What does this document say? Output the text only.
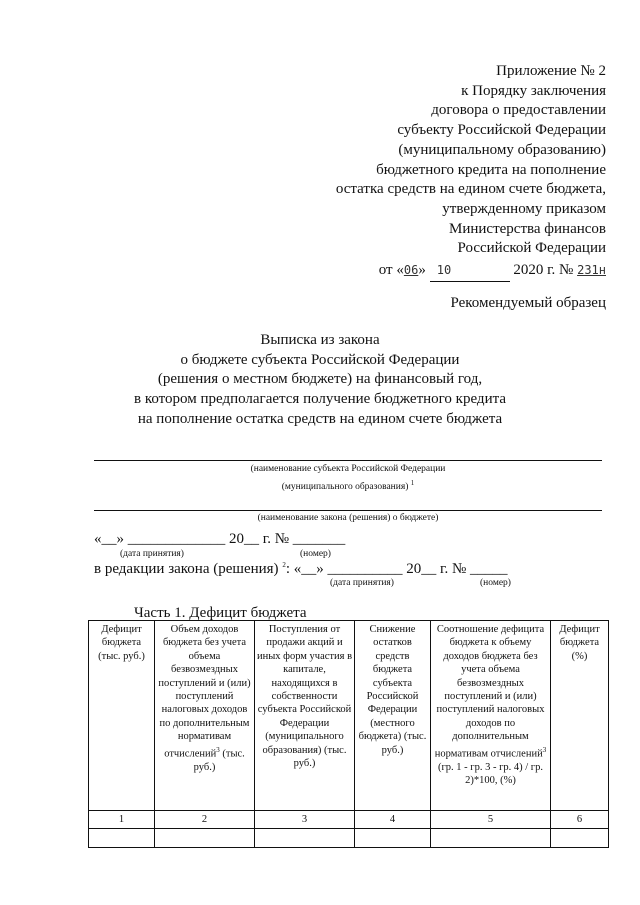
Приложение № 2
к Порядку заключения
договора о предоставлении
субъекту Российской Федерации
(муниципальному образованию)
бюджетного кредита на пополнение
остатка средств на едином счете бюджета,
утвержденному приказом
Министерства финансов
Российской Федерации
от «06» 10	2020 г. № 231н
Рекомендуемый образец
Выписка из закона
о бюджете субъекта Российской Федерации
(решения о местном бюджете) на финансовый год,
в котором предполагается получение бюджетного кредита
на пополнение остатка средств на едином счете бюджета
(наименование субъекта Российской Федерации
(муниципального образования) $^1$
(наименование закона (решения) о бюджете)
«__» _____________ 20__ г. № _______
(дата принятия)	(номер)
в редакции закона (решения) $^2$: «__» __________ 20__ г. № _____
(дата принятия)	(номер)
Часть 1. Дефицит бюджета
Дефицит бюджета (тыс. руб.)	Объем доходов бюджета без учета объема безвозмездных поступлений и (или) поступлений налоговых доходов по дополнительным нормативам отчислений$^3$ (тыс. руб.)	Поступления от продажи акций и иных форм участия в капитале, находящихся в собственности субъекта Российской Федерации (муниципального образования) (тыс. руб.)	Снижение остатков средств бюджета субъекта Российской Федерации (местного бюджета) (тыс. руб.)	Соотношение дефицита бюджета к объему доходов бюджета без учета объема безвозмездных поступлений и (или) поступлений налоговых доходов по дополнительным нормативам отчислений$^3$ (гр. 1 - гр. 3 - гр. 4) / гр. 2)*100, (%)	Дефицит бюджета (%)
1	2	3	4	5	6
